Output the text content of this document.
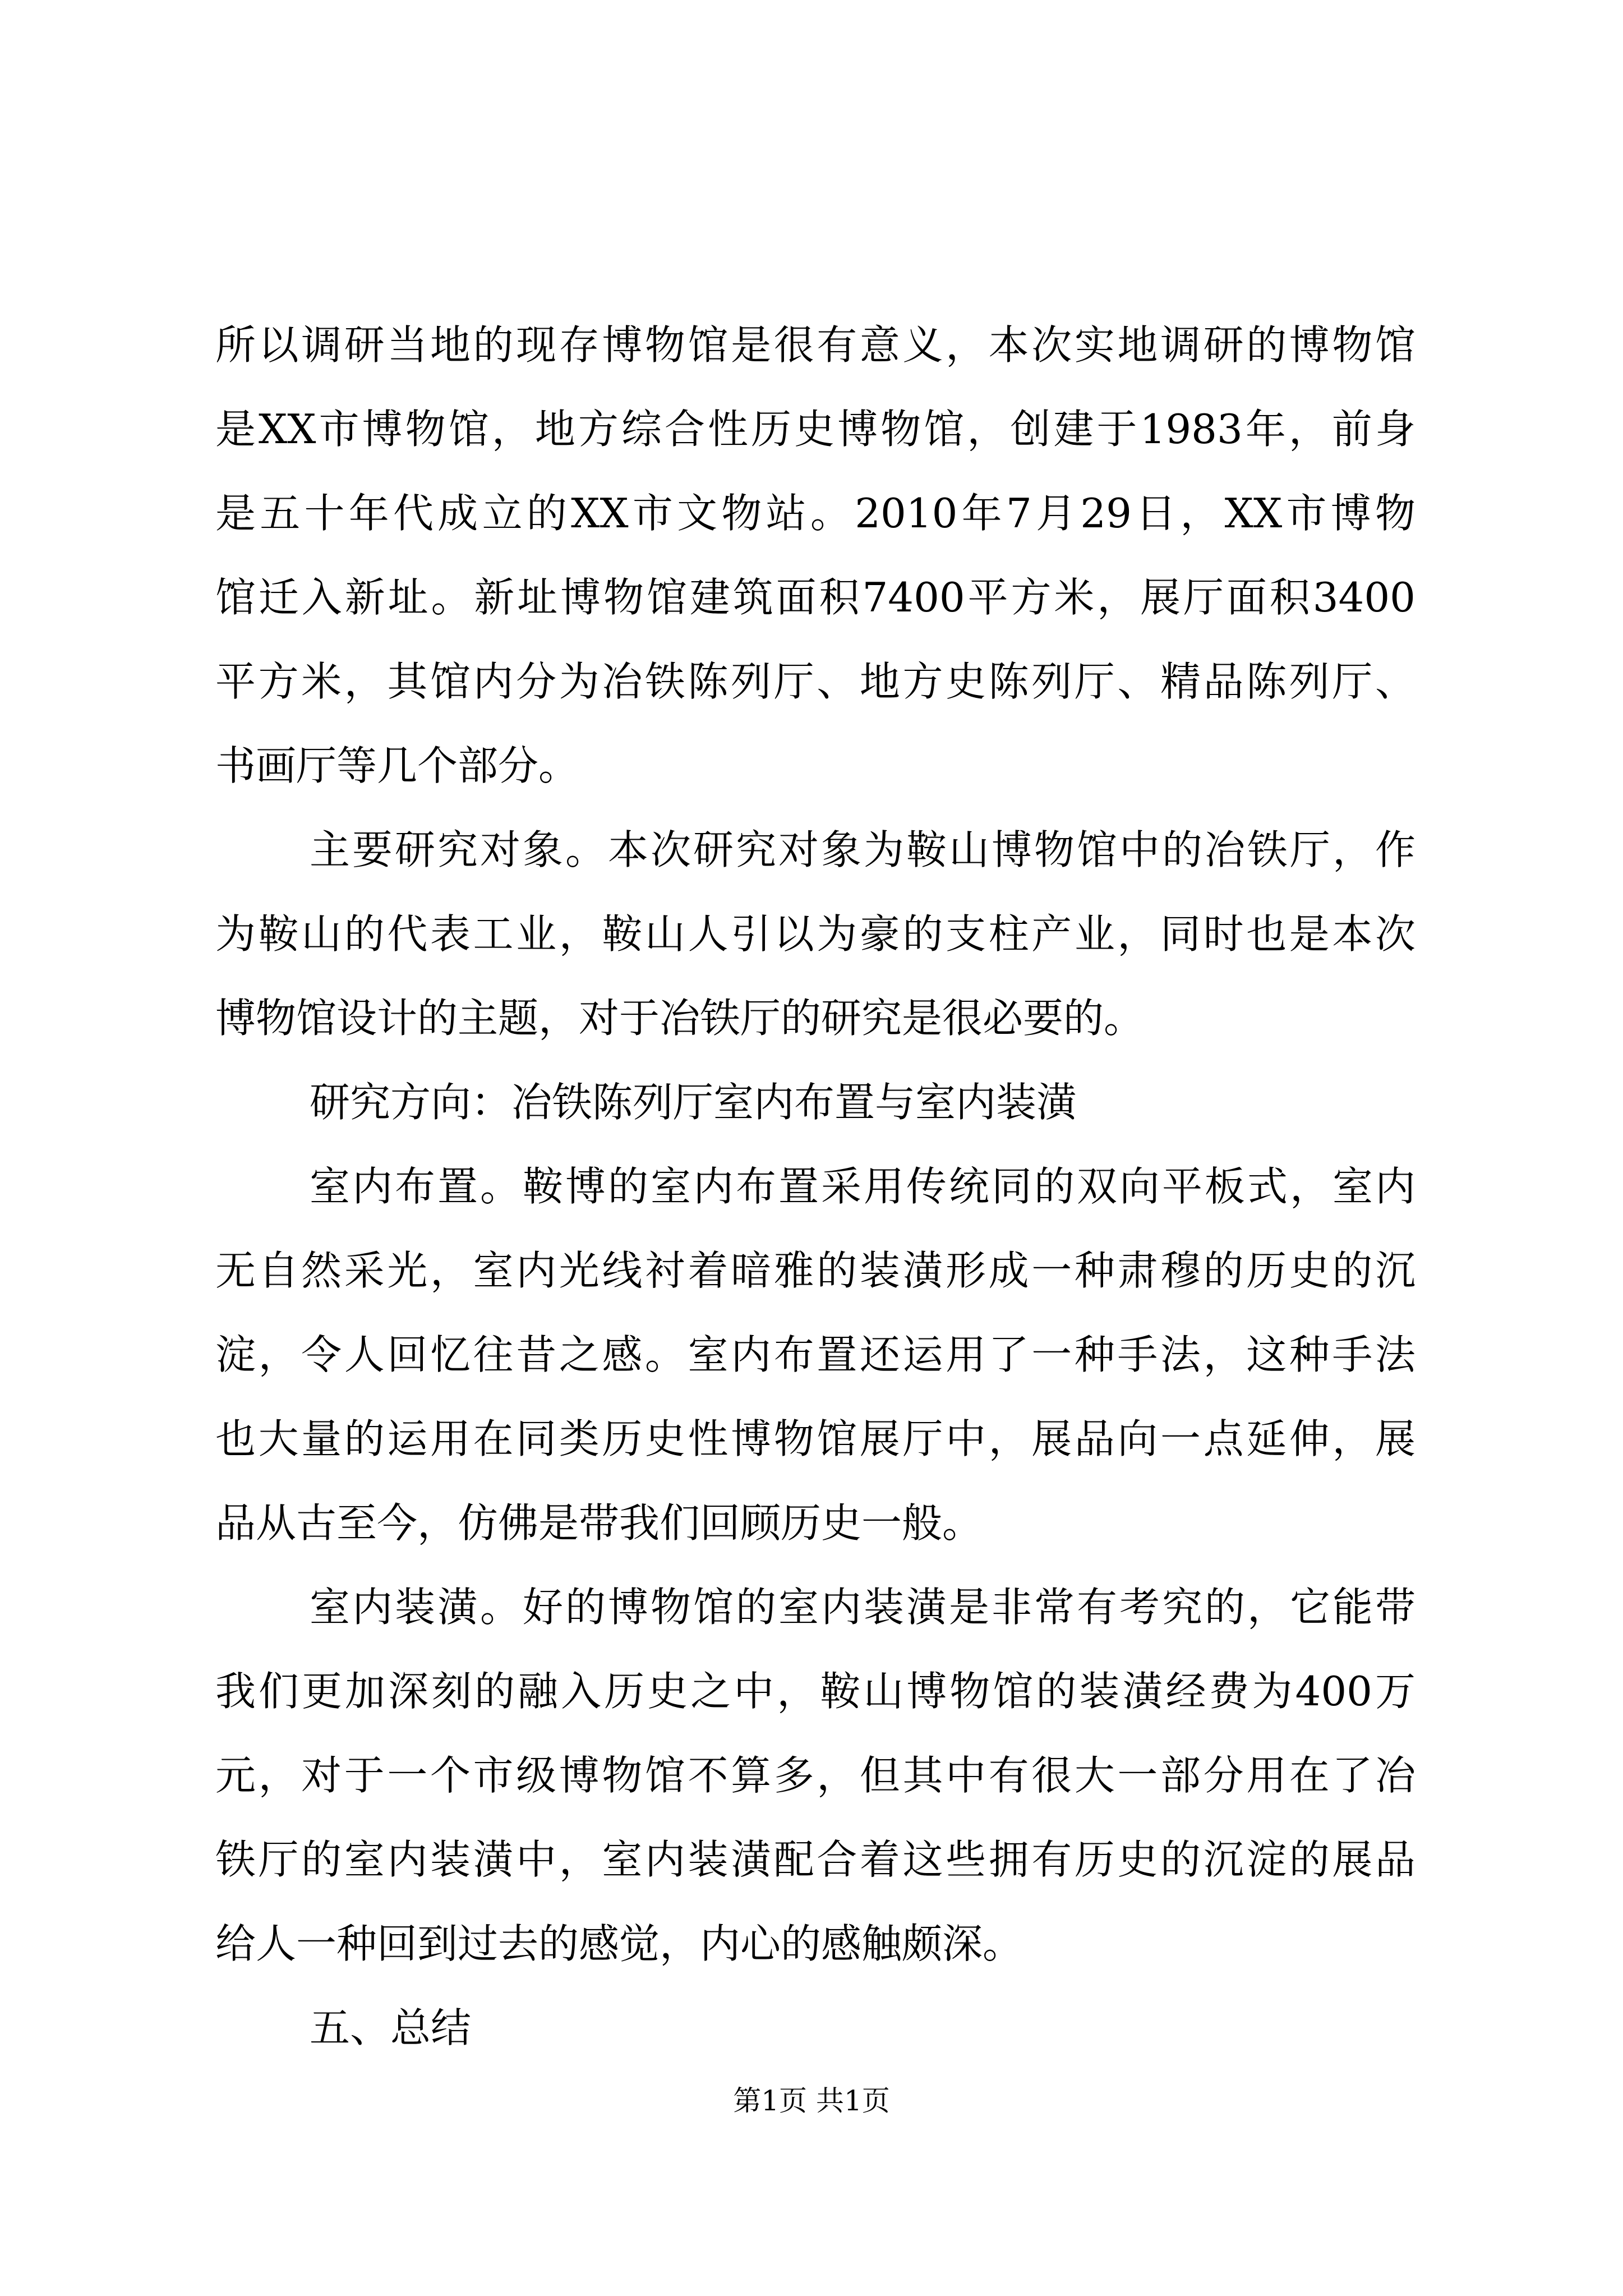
所以调研当地的现存博物馆是很有意义，本次实地调研的博物馆
是XX市博物馆，地方综合性历史博物馆，创建于1983年，前身
是五十年代成立的XX市文物站。2010年7月29日，XX市博物
馆迁入新址。新址博物馆建筑面积7400平方米，展厅面积3400
平方米，其馆内分为冶铁陈列厅、地方史陈列厅、精品陈列厅、
书画厅等几个部分。
主要研究对象。本次研究对象为鞍山博物馆中的冶铁厅，作
为鞍山的代表工业，鞍山人引以为豪的支柱产业，同时也是本次
博物馆设计的主题，对于冶铁厅的研究是很必要的。
研究方向：冶铁陈列厅室内布置与室内装潢
室内布置。鞍博的室内布置采用传统同的双向平板式，室内
无自然采光，室内光线衬着暗雅的装潢形成一种肃穆的历史的沉
淀，令人回忆往昔之感。室内布置还运用了一种手法，这种手法
也大量的运用在同类历史性博物馆展厅中，展品向一点延伸，展
品从古至今，仿佛是带我们回顾历史一般。
室内装潢。好的博物馆的室内装潢是非常有考究的，它能带
我们更加深刻的融入历史之中，鞍山博物馆的装潢经费为400万
元，对于一个市级博物馆不算多，但其中有很大一部分用在了冶
铁厅的室内装潢中，室内装潢配合着这些拥有历史的沉淀的展品
给人一种回到过去的感觉，内心的感触颇深。
五、总结
第1页 共1页
